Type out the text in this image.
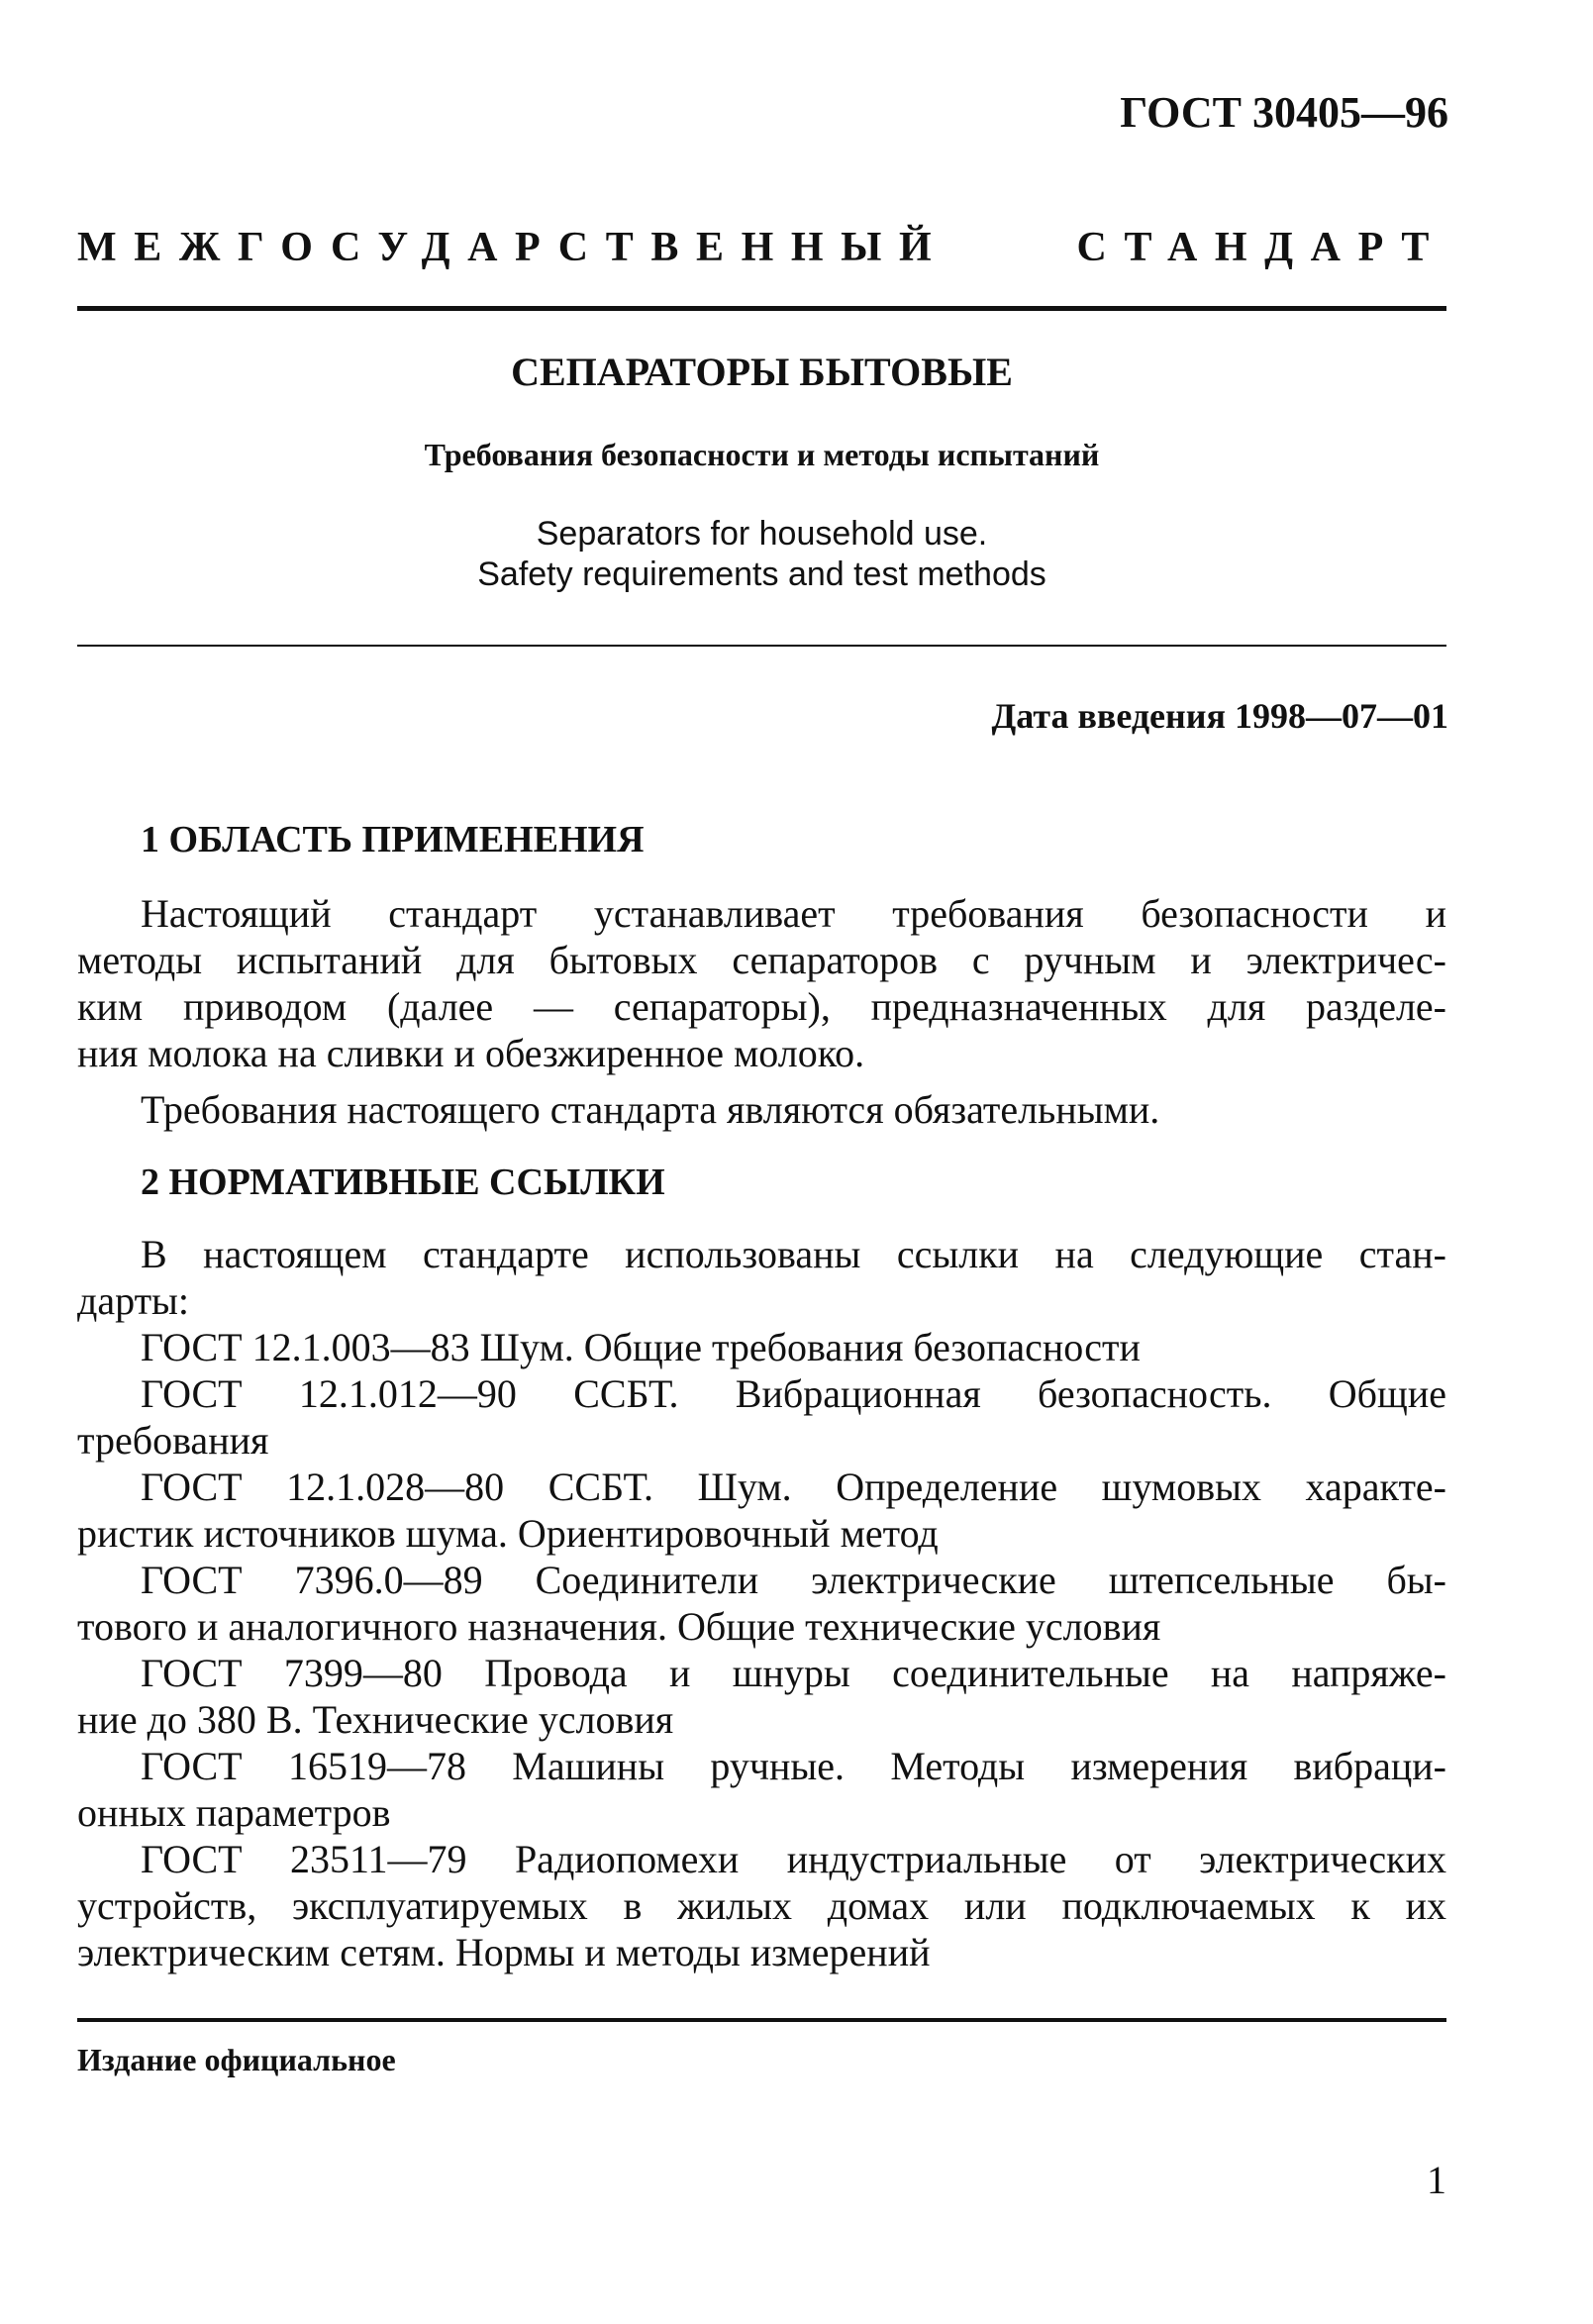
ГОСТ 30405—96
МЕЖГОСУДАРСТВЕННЫЙ СТАНДАРТ
СЕПАРАТОРЫ БЫТОВЫЕ
Требования безопасности и методы испытаний
Separators for household use.
Safety requirements and test methods
Дата введения 1998—07—01
1 ОБЛАСТЬ ПРИМЕНЕНИЯ
Настоящий стандарт устанавливает требования безопасности и
методы испытаний для бытовых сепараторов с ручным и электричес-
ким приводом (далее — сепараторы), предназначенных для разделе-
ния молока на сливки и обезжиренное молоко.
Требования настоящего стандарта являются обязательными.
2 НОРМАТИВНЫЕ ССЫЛКИ
В настоящем стандарте использованы ссылки на следующие стан-
дарты:
ГОСТ 12.1.003—83 Шум. Общие требования безопасности
ГОСТ 12.1.012—90 ССБТ. Вибрационная безопасность. Общие
требования
ГОСТ 12.1.028—80 ССБТ. Шум. Определение шумовых характе-
ристик источников шума. Ориентировочный метод
ГОСТ 7396.0—89 Соединители электрические штепсельные бы-
тового и аналогичного назначения. Общие технические условия
ГОСТ 7399—80 Провода и шнуры соединительные на напряже-
ние до 380 В. Технические условия
ГОСТ 16519—78 Машины ручные. Методы измерения вибраци-
онных параметров
ГОСТ 23511—79 Радиопомехи индустриальные от электрических
устройств, эксплуатируемых в жилых домах или подключаемых к их
электрическим сетям. Нормы и методы измерений
Издание официальное
1
